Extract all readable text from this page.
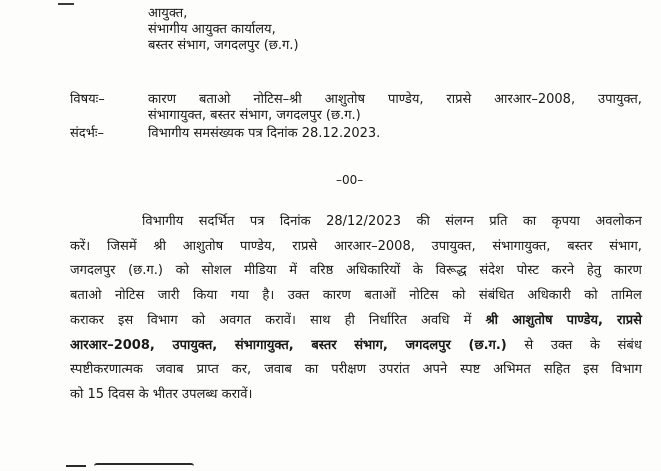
आयुक्त,
संभागीय आयुक्त कार्यालय,
बस्तर संभाग, जगदलपुर (छ.ग.)
विषयः–	कारण बताओ नोटिस–श्री आशुतोष पाण्डेय, राप्रसे आरआर–2008, उपायुक्त,
संभागायुक्त, बस्तर संभाग, जगदलपुर (छ.ग.)
संदर्भः–	विभागीय समसंख्यक पत्र दिनांक 28.12.2023.
–00–
विभागीय सदर्भित पत्र दिनांक 28/12/2023 की संलग्न प्रति का कृपया अवलोकन
करें। जिसमें श्री आशुतोष पाण्डेय, राप्रसे आरआर–2008, उपायुक्त, संभागायुक्त, बस्तर संभाग,
जगदलपुर (छ.ग.) को सोशल मीडिया में वरिष्ठ अधिकारियों के विरूद्ध संदेश पोस्ट करने हेतु कारण
बताओ नोटिस जारी किया गया है। उक्त कारण बताओं नोटिस को संबंधित अधिकारी को तामिल
कराकर इस विभाग को अवगत करावें। साथ ही निर्धारित अवधि में श्री आशुतोष पाण्डेय, राप्रसे
आरआर–2008, उपायुक्त, संभागायुक्त, बस्तर संभाग, जगदलपुर (छ.ग.) से उक्त के संबंध
स्पष्टीकरणात्मक जवाब प्राप्त कर, जवाब का परीक्षण उपरांत अपने स्पष्ट अभिमत सहित इस विभाग
को 15 दिवस के भीतर उपलब्ध करावें।
